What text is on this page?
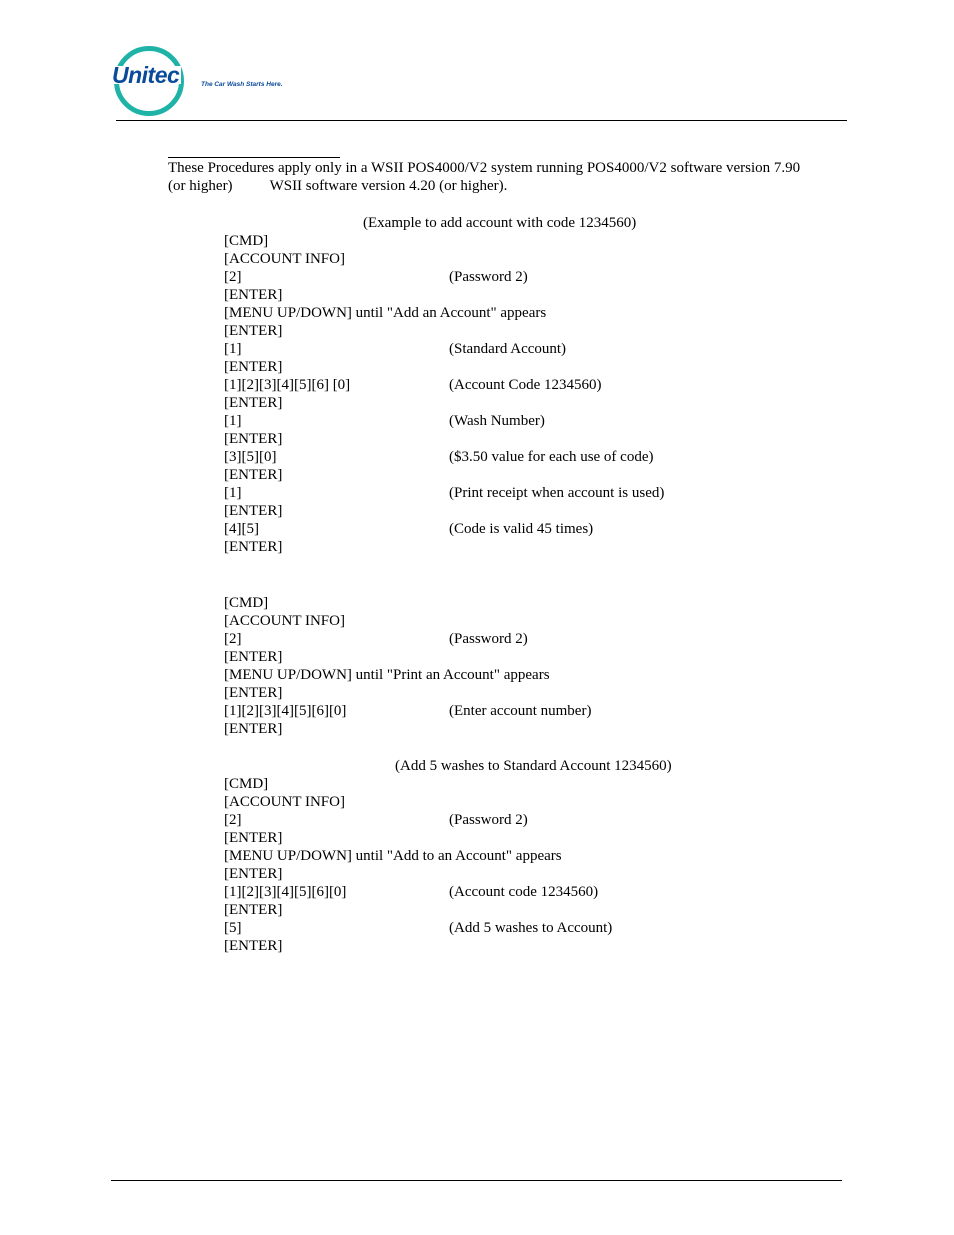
Unitec	The Car Wash Starts Here.

These Procedures apply only in a WSII POS4000/V2 system running POS4000/V2 software version 7.90

(or higher) WSII software version 4.20 (or higher).

(Example to add account with code 1234560)
[CMD]
[ACCOUNT INFO]
[2]	(Password 2)
[ENTER]
[MENU UP/DOWN] until "Add an Account" appears
[ENTER]
[1]	(Standard Account)
[ENTER]
[1][2][3][4][5][6] [0]	(Account Code 1234560)
[ENTER]
[1]	(Wash Number)
[ENTER]
[3][5][0]	($3.50 value for each use of code)
[ENTER]
[1]	(Print receipt when account is used)
[ENTER]
[4][5]	(Code is valid 45 times)
[ENTER]
[CMD]
[ACCOUNT INFO]
[2]	(Password 2)
[ENTER]
[MENU UP/DOWN] until "Print an Account" appears
[ENTER]
[1][2][3][4][5][6][0]	(Enter account number)
[ENTER]
(Add 5 washes to Standard Account 1234560)
[CMD]
[ACCOUNT INFO]
[2]	(Password 2)
[ENTER]
[MENU UP/DOWN] until "Add to an Account" appears
[ENTER]
[1][2][3][4][5][6][0]	(Account code 1234560)
[ENTER]
[5]	(Add 5 washes to Account)
[ENTER]
